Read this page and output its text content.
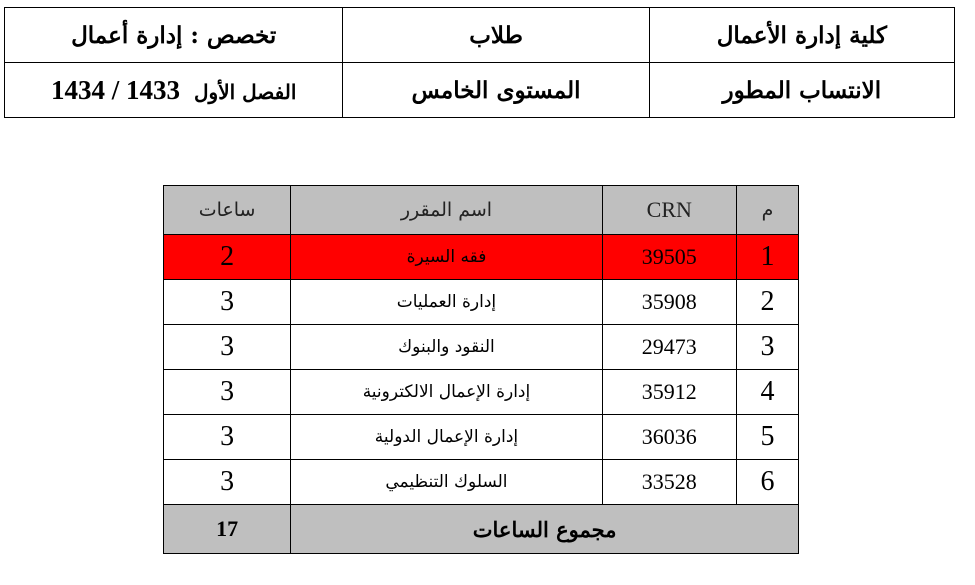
كلية إدارة الأعمال	طلاب	تخصص : إدارة أعمال
الانتساب المطور	المستوى الخامس	الفصل الأول 1434 / 1433
م	CRN	اسم المقرر	ساعات
1	39505	فقه السيرة	2
2	35908	إدارة العمليات	3
3	29473	النقود والبنوك	3
4	35912	إدارة الإعمال الالكترونية	3
5	36036	إدارة الإعمال الدولية	3
6	33528	السلوك التنظيمي	3
مجموع الساعات			17
